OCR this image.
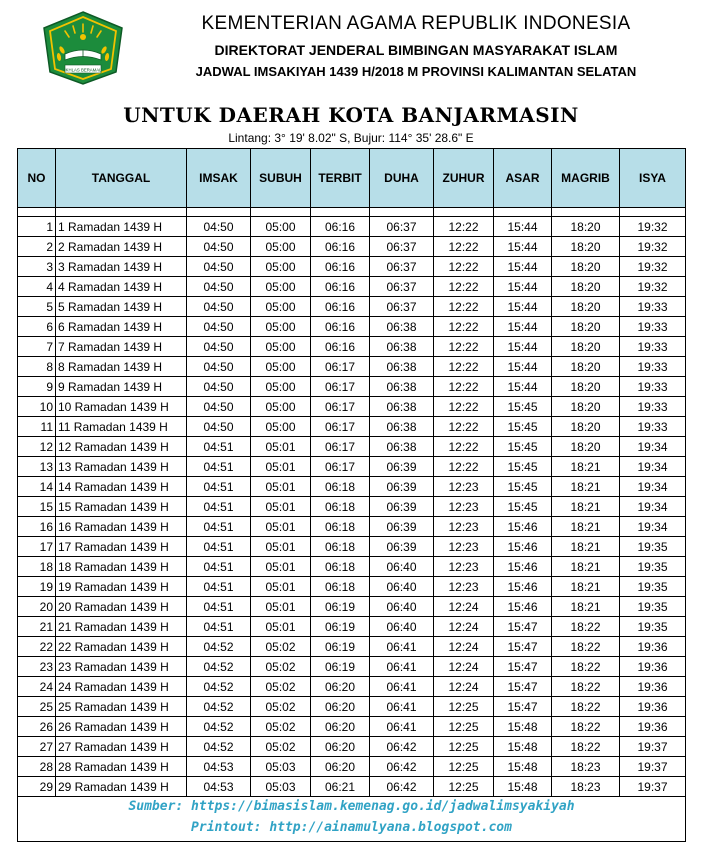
IKHLAS BERAMAL
KEMENTERIAN AGAMA REPUBLIK INDONESIA
DIREKTORAT JENDERAL BIMBINGAN MASYARAKAT ISLAM
JADWAL IMSAKIYAH 1439 H/2018 M PROVINSI KALIMANTAN SELATAN
UNTUK DAERAH KOTA BANJARMASIN
Lintang: 3° 19' 8.02" S, Bujur: 114° 35' 28.6" E
NO	TANGGAL	IMSAK	SUBUH	TERBIT	DUHA	ZUHUR	ASAR	MAGRIB	ISYA

1	1 Ramadan 1439 H	04:50	05:00	06:16	06:37	12:22	15:44	18:20	19:32
2	2 Ramadan 1439 H	04:50	05:00	06:16	06:37	12:22	15:44	18:20	19:32
3	3 Ramadan 1439 H	04:50	05:00	06:16	06:37	12:22	15:44	18:20	19:32
4	4 Ramadan 1439 H	04:50	05:00	06:16	06:37	12:22	15:44	18:20	19:32
5	5 Ramadan 1439 H	04:50	05:00	06:16	06:37	12:22	15:44	18:20	19:33
6	6 Ramadan 1439 H	04:50	05:00	06:16	06:38	12:22	15:44	18:20	19:33
7	7 Ramadan 1439 H	04:50	05:00	06:16	06:38	12:22	15:44	18:20	19:33
8	8 Ramadan 1439 H	04:50	05:00	06:17	06:38	12:22	15:44	18:20	19:33
9	9 Ramadan 1439 H	04:50	05:00	06:17	06:38	12:22	15:44	18:20	19:33
10	10 Ramadan 1439 H	04:50	05:00	06:17	06:38	12:22	15:45	18:20	19:33
11	11 Ramadan 1439 H	04:50	05:00	06:17	06:38	12:22	15:45	18:20	19:33
12	12 Ramadan 1439 H	04:51	05:01	06:17	06:38	12:22	15:45	18:20	19:34
13	13 Ramadan 1439 H	04:51	05:01	06:17	06:39	12:22	15:45	18:21	19:34
14	14 Ramadan 1439 H	04:51	05:01	06:18	06:39	12:23	15:45	18:21	19:34
15	15 Ramadan 1439 H	04:51	05:01	06:18	06:39	12:23	15:45	18:21	19:34
16	16 Ramadan 1439 H	04:51	05:01	06:18	06:39	12:23	15:46	18:21	19:34
17	17 Ramadan 1439 H	04:51	05:01	06:18	06:39	12:23	15:46	18:21	19:35
18	18 Ramadan 1439 H	04:51	05:01	06:18	06:40	12:23	15:46	18:21	19:35
19	19 Ramadan 1439 H	04:51	05:01	06:18	06:40	12:23	15:46	18:21	19:35
20	20 Ramadan 1439 H	04:51	05:01	06:19	06:40	12:24	15:46	18:21	19:35
21	21 Ramadan 1439 H	04:51	05:01	06:19	06:40	12:24	15:47	18:22	19:35
22	22 Ramadan 1439 H	04:52	05:02	06:19	06:41	12:24	15:47	18:22	19:36
23	23 Ramadan 1439 H	04:52	05:02	06:19	06:41	12:24	15:47	18:22	19:36
24	24 Ramadan 1439 H	04:52	05:02	06:20	06:41	12:24	15:47	18:22	19:36
25	25 Ramadan 1439 H	04:52	05:02	06:20	06:41	12:25	15:47	18:22	19:36
26	26 Ramadan 1439 H	04:52	05:02	06:20	06:41	12:25	15:48	18:22	19:36
27	27 Ramadan 1439 H	04:52	05:02	06:20	06:42	12:25	15:48	18:22	19:37
28	28 Ramadan 1439 H	04:53	05:03	06:20	06:42	12:25	15:48	18:23	19:37
29	29 Ramadan 1439 H	04:53	05:03	06:21	06:42	12:25	15:48	18:23	19:37

Sumber: https://bimasislam.kemenag.go.id/jadwalimsyakiyah
Printout: http://ainamulyana.blogspot.com									
